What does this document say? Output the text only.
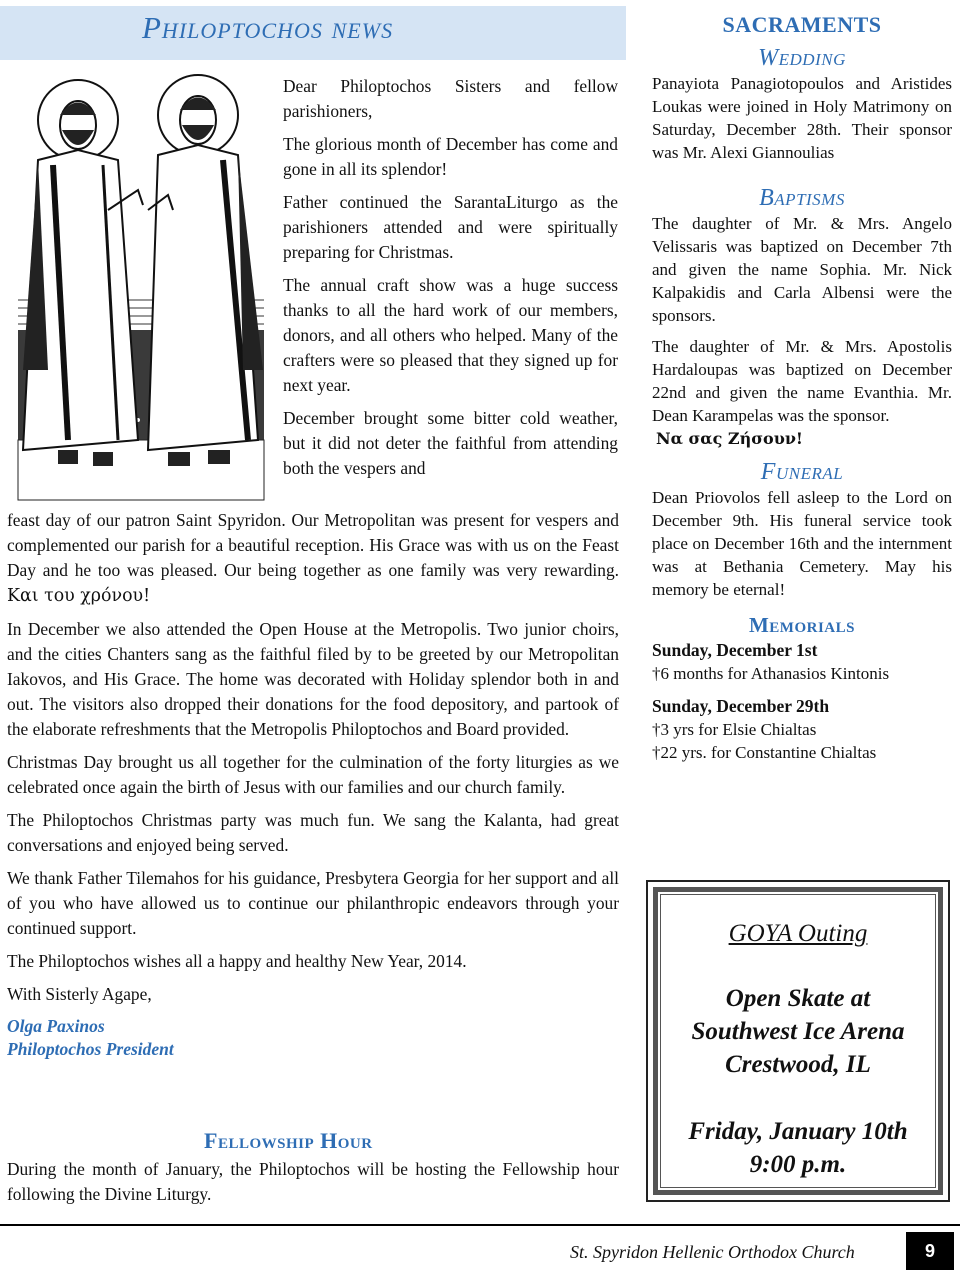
Philoptochos news

Dear Philoptochos Sisters and fellow parishioners,

The glorious month of December has come and gone in all its splendor!

Father continued the SarantaLiturgo as the parishioners attended and were spiritually preparing for Christmas.

The annual craft show was a huge success thanks to all the hard work of our members, donors, and all others who helped. Many of the crafters were so pleased that they signed up for next year.

December brought some bitter cold weather, but it did not deter the faithful from attending both the vespers and

feast day of our patron Saint Spyridon. Our Metropolitan was present for vespers and complemented our parish for a beautiful reception. His Grace was with us on the Feast Day and he too was pleased. Our being together as one family was very rewarding. Και του χρόνου!

In December we also attended the Open House at the Metropolis. Two junior choirs, and the cities Chanters sang as the faithful filed by to be greeted by our Metropolitan Iakovos, and His Grace. The home was decorated with Holiday splendor both in and out. The visitors also dropped their donations for the food depository, and partook of the elaborate refreshments that the Metropolis Philoptochos and Board provided.

Christmas Day brought us all together for the culmination of the forty liturgies as we celebrated once again the birth of Jesus with our families and our church family.

The Philoptochos Christmas party was much fun. We sang the Kalanta, had great conversations and enjoyed being served.

We thank Father Tilemahos for his guidance, Presbytera Georgia for her support and all of you who have allowed us to continue our philanthropic endeavors through your continued support.

The Philoptochos wishes all a happy and healthy New Year, 2014.

With Sisterly Agape,

Olga Paxinos

Philoptochos President

Fellowship Hour
During the month of January, the Philoptochos will be hosting the Fellowship hour following the Divine Liturgy.
SACRAMENTS
Wedding

Panayiota Panagiotopoulos and Aristides Loukas were joined in Holy Matrimony on Saturday, December 28th. Their sponsor was Mr. Alexi Giannoulias

Baptisms

The daughter of Mr. & Mrs. Angelo Velissaris was baptized on December 7th and given the name Sophia. Mr. Nick Kalpakidis and Carla Albensi were the sponsors.

The daughter of Mr. & Mrs. Apostolis Hardaloupas was baptized on December 22nd and given the name Evanthia. Mr. Dean Karampelas was the sponsor.

Να σας Ζήσουν!

Funeral

Dean Priovolos fell asleep to the Lord on December 9th. His funeral service took place on December 16th and the internment was at Bethania Cemetery. May his memory be eternal!

Memorials

Sunday, December 1st

†6 months for Athanasios Kintonis

Sunday, December 29th

†3 yrs for Elsie Chialtas

†22 yrs. for Constantine Chialtas

GOYA Outing
Open Skate at
Southwest Ice Arena
Crestwood, IL
Friday, January 10th
9:00 p.m.
St. Spyridon Hellenic Orthodox Church	9
